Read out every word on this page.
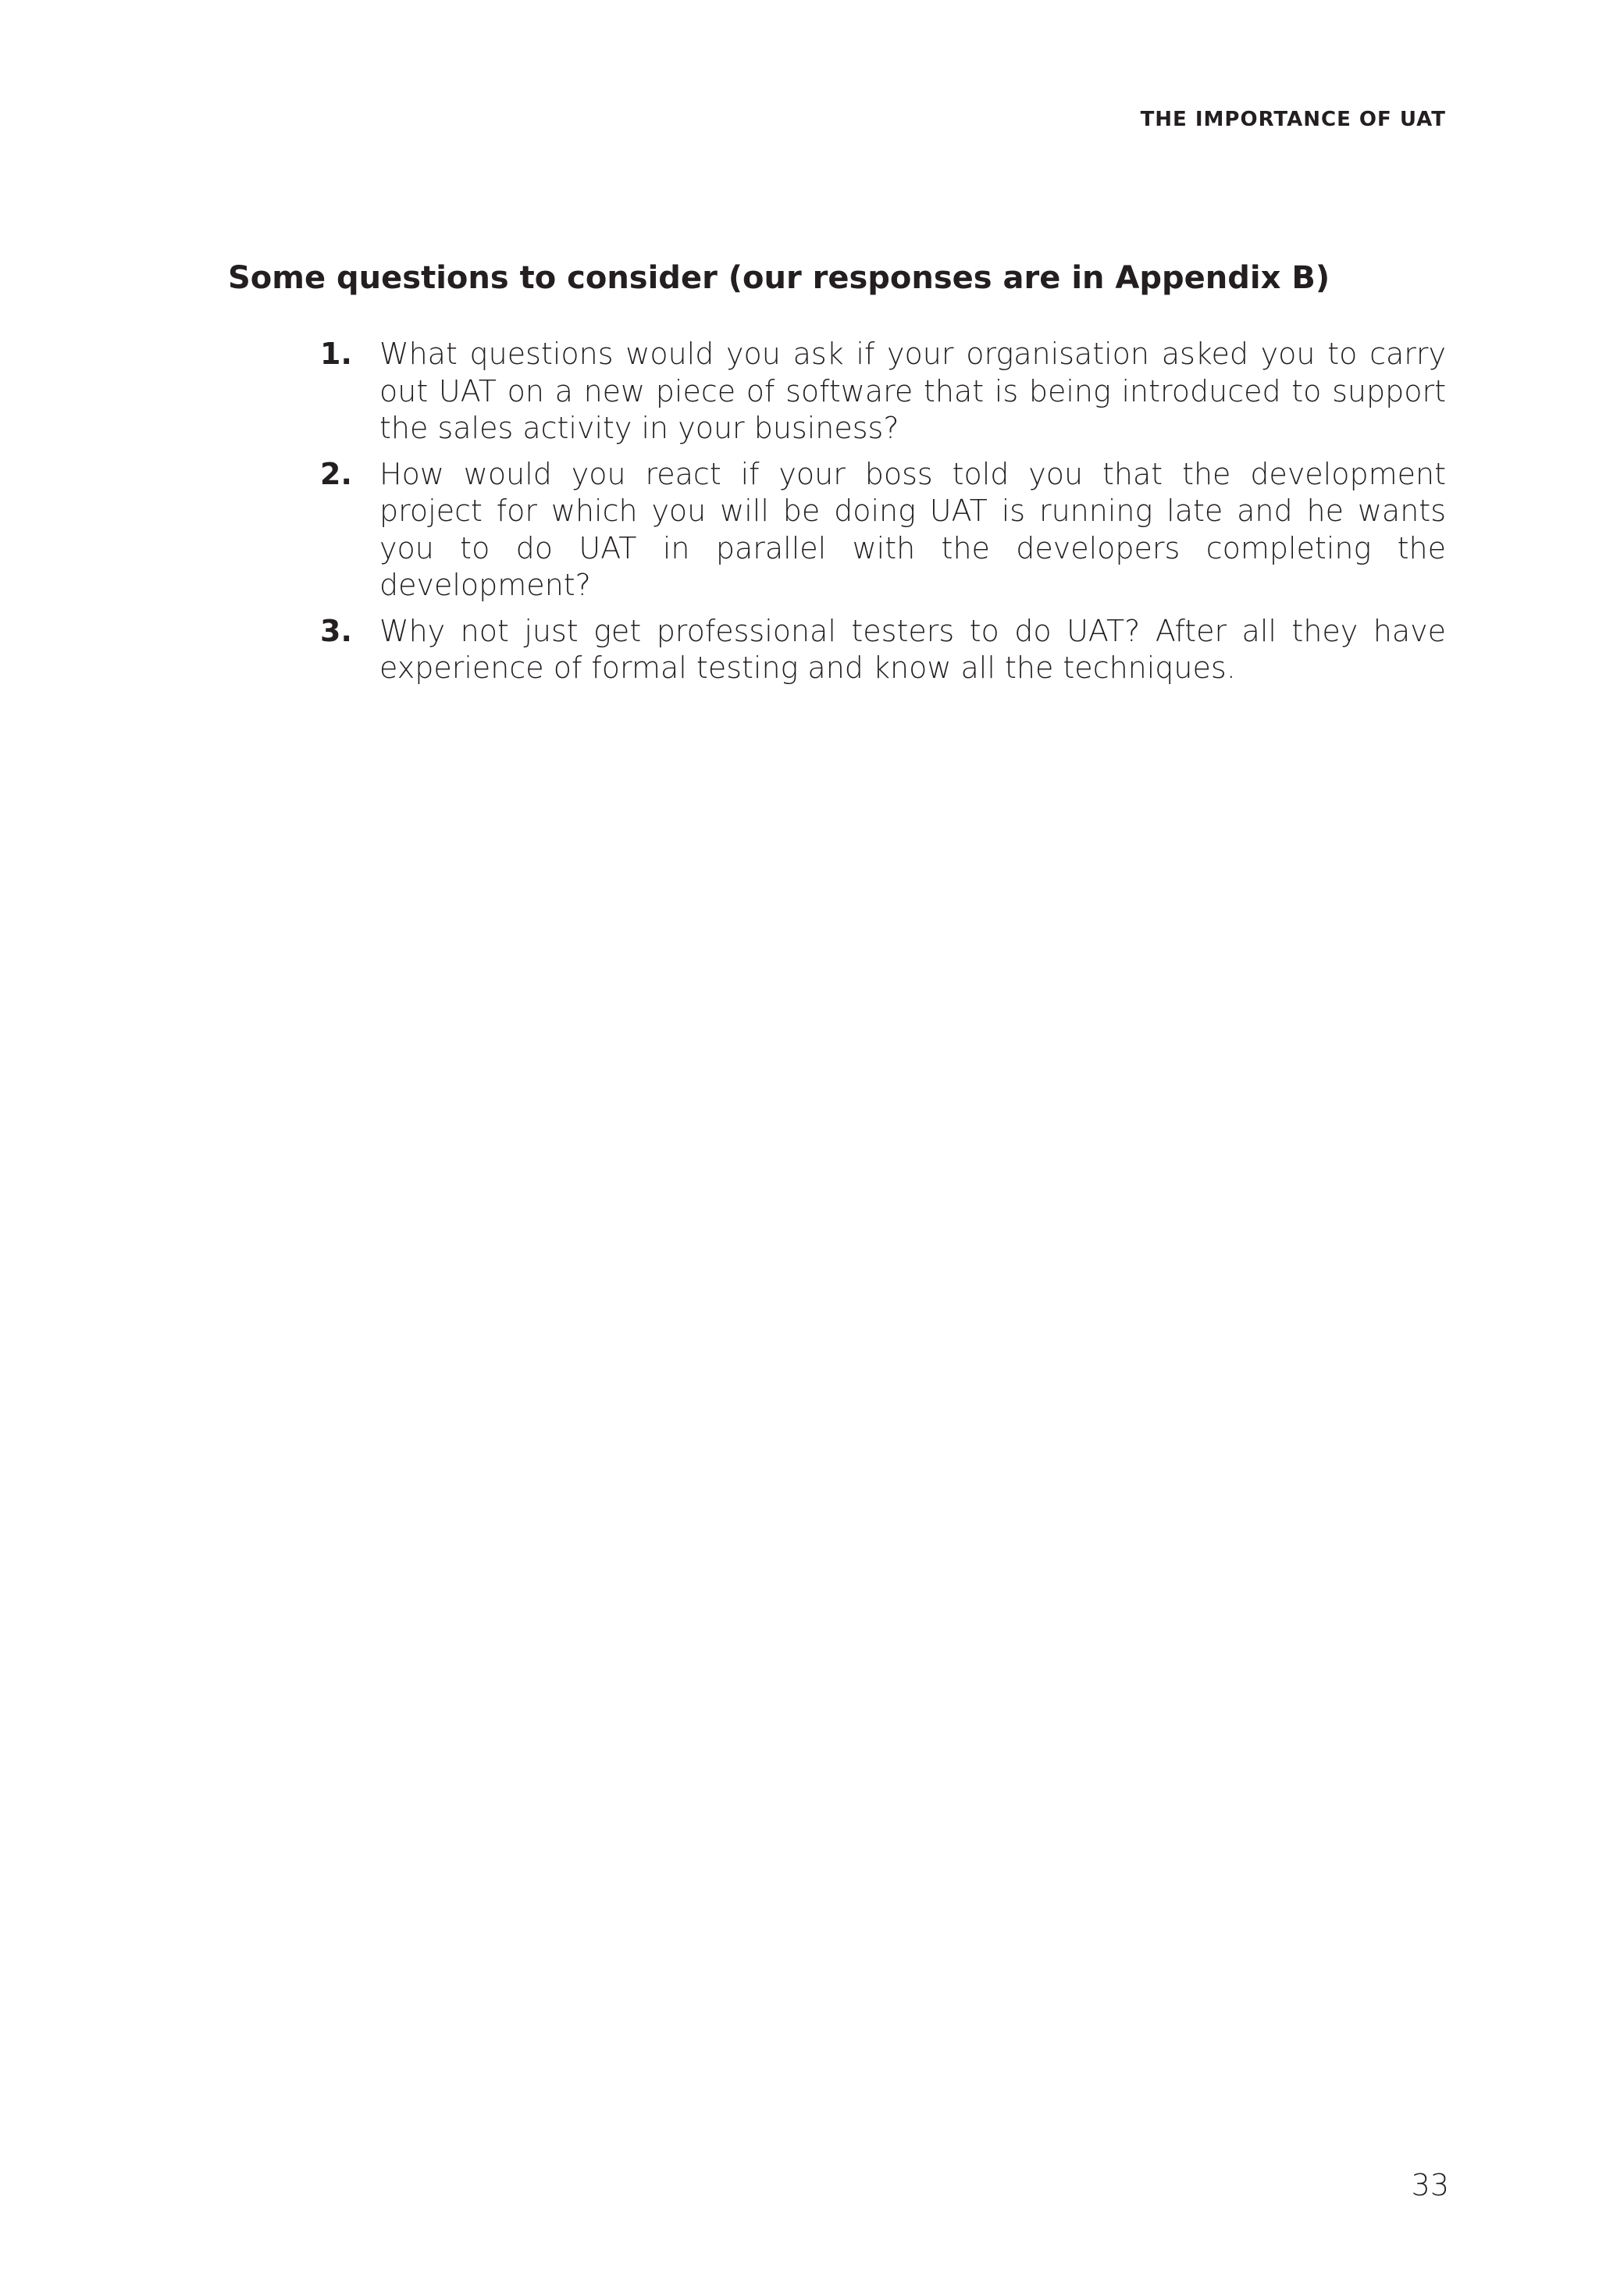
THE IMPORTANCE OF UAT
Some questions to consider (our responses are in Appendix B)
1. What questions would you ask if your organisation asked you to carry out UAT on a new piece of software that is being introduced to support the sales activity in your business?
2. How would you react if your boss told you that the development project for which you will be doing UAT is running late and he wants you to do UAT in parallel with the developers completing the development?
3. Why not just get professional testers to do UAT? After all they have experience of formal testing and know all the techniques.
33
